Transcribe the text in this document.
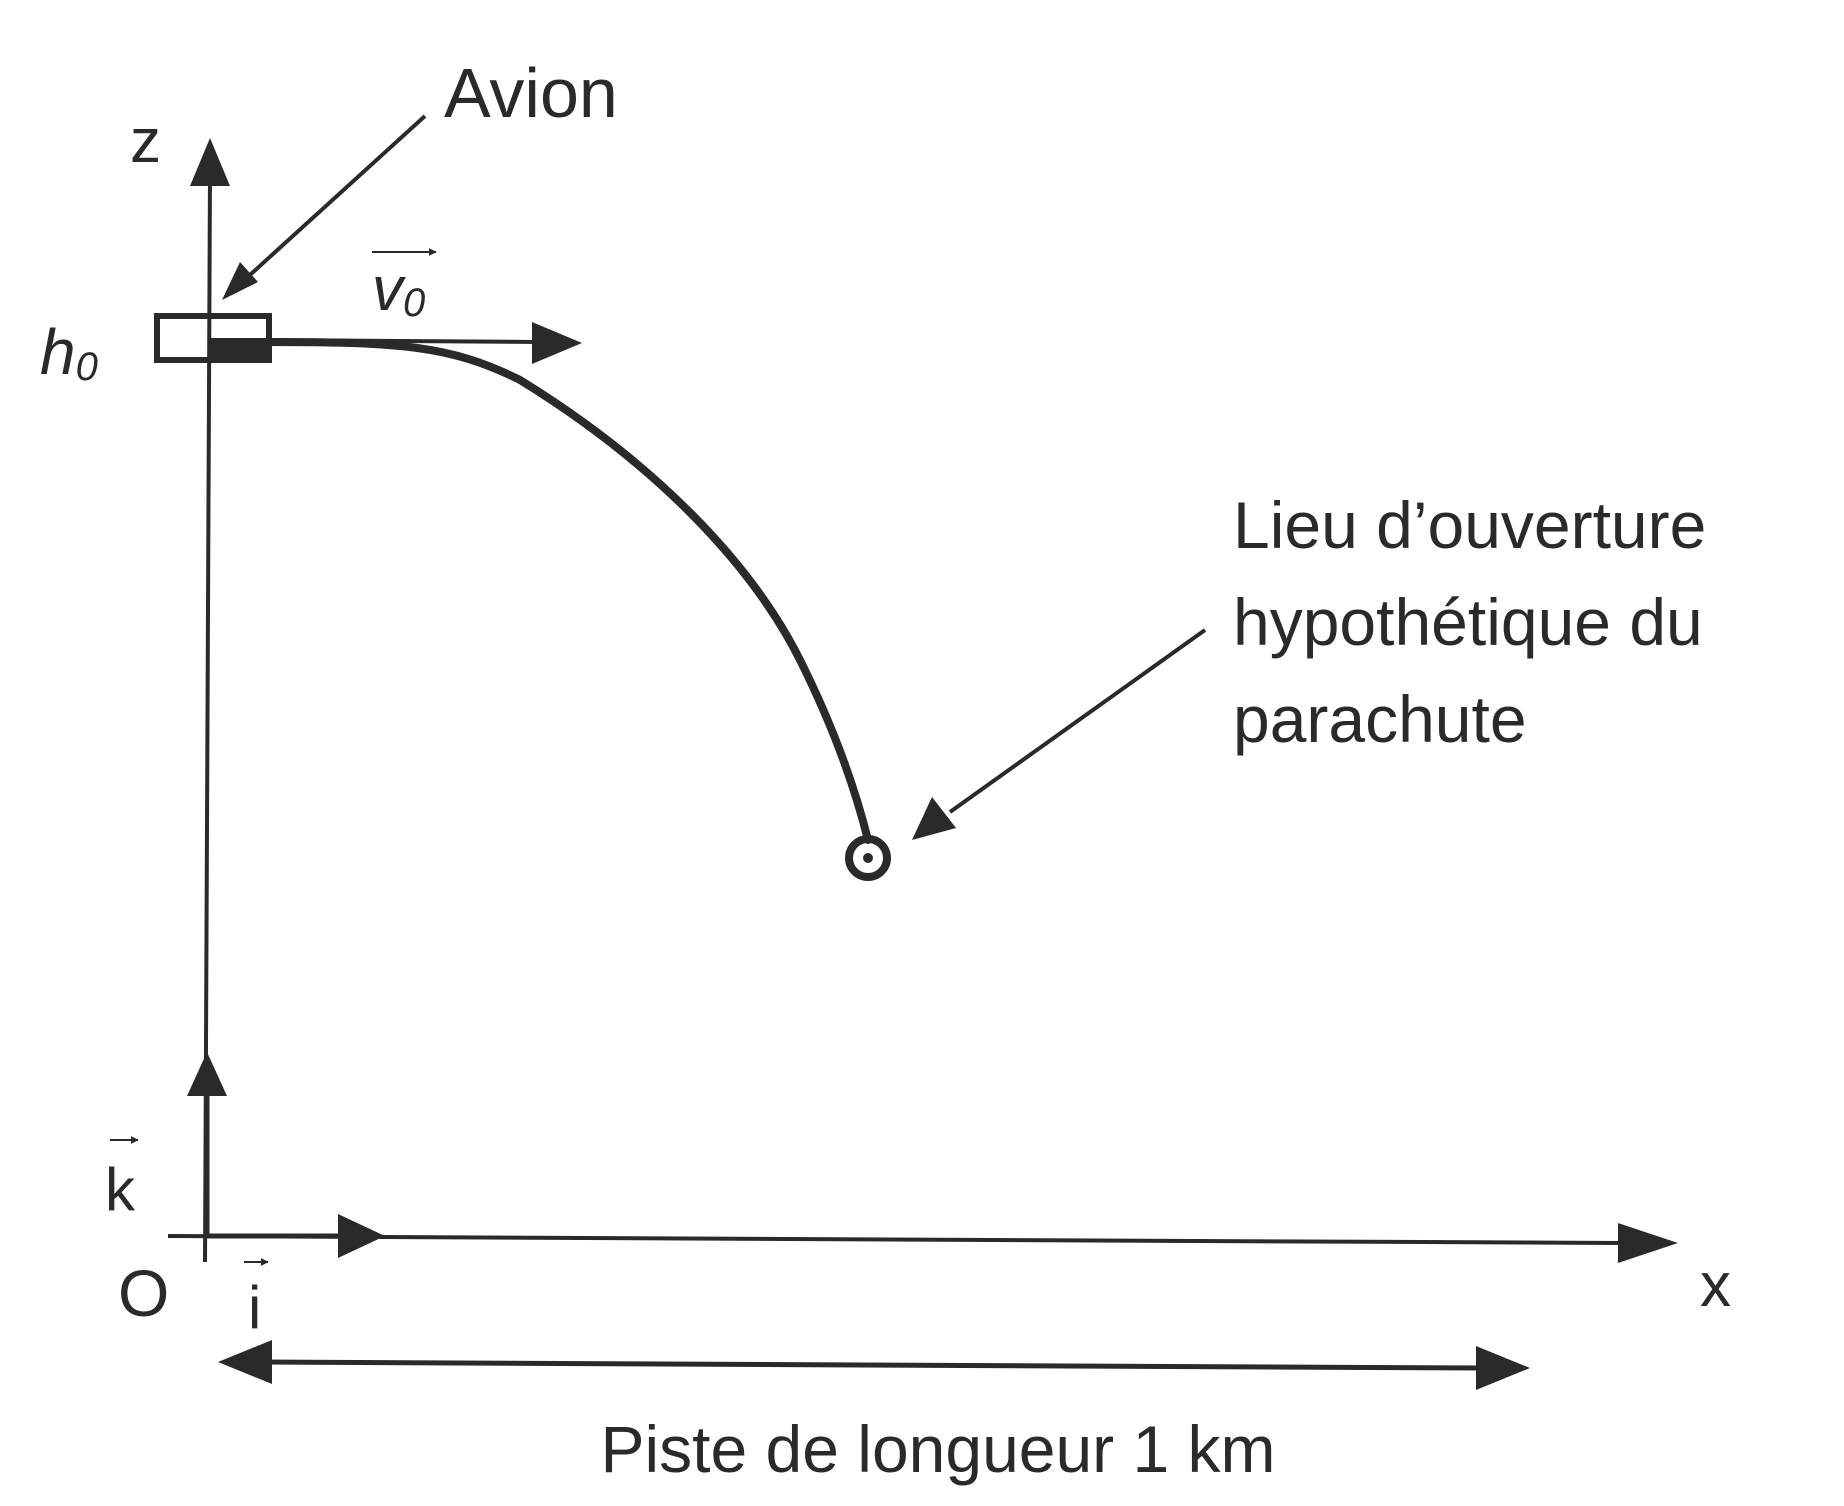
z
x
O
k
i
h0
Avion
v0
Lieu d’ouverture hypothétique du parachute
Piste de longueur 1 km
